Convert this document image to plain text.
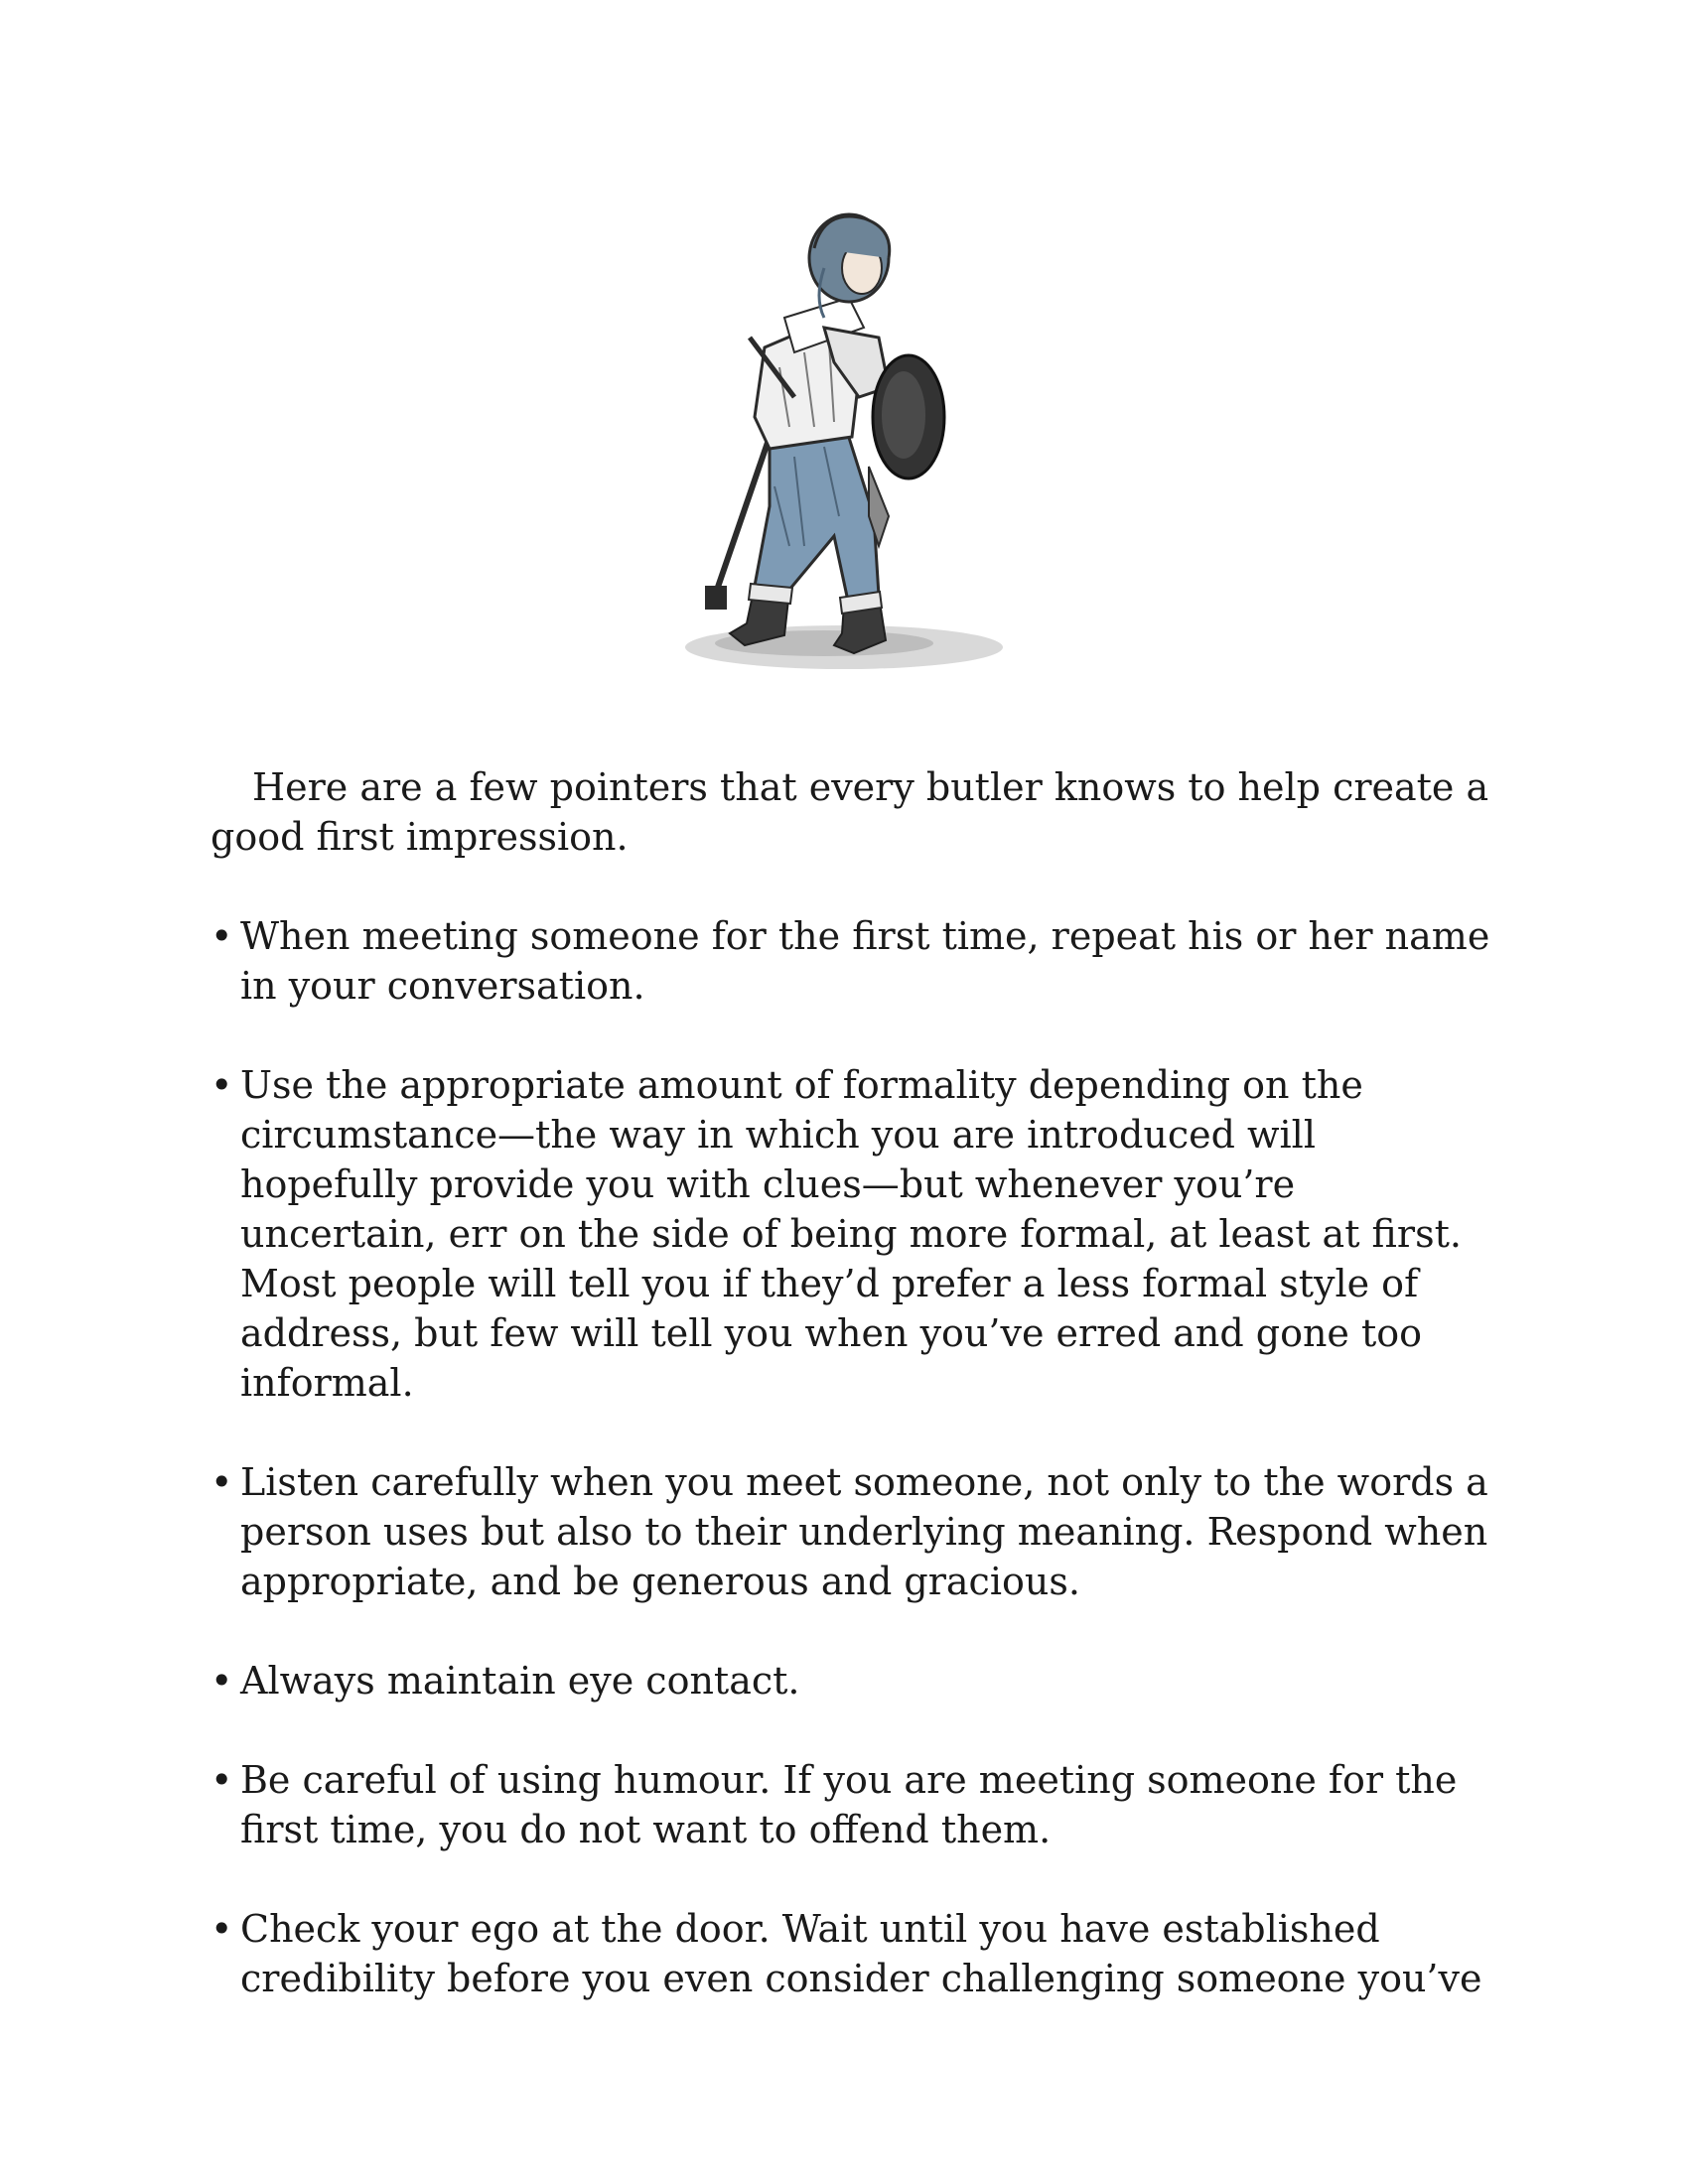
Here are a few pointers that every butler knows to help create a good first impression.

• When meeting someone for the first time, repeat his or her name in your conversation.
• Use the appropriate amount of formality depending on the circumstance—the way in which you are introduced will hopefully provide you with clues—but whenever you’re uncertain, err on the side of being more formal, at least at first. Most people will tell you if they’d prefer a less formal style of address, but few will tell you when you’ve erred and gone too informal.
• Listen carefully when you meet someone, not only to the words a person uses but also to their underlying meaning. Respond when appropriate, and be generous and gracious.
• Always maintain eye contact.
• Be careful of using humour. If you are meeting someone for the first time, you do not want to offend them.
• Check your ego at the door. Wait until you have established credibility before you even consider challenging someone you’ve
